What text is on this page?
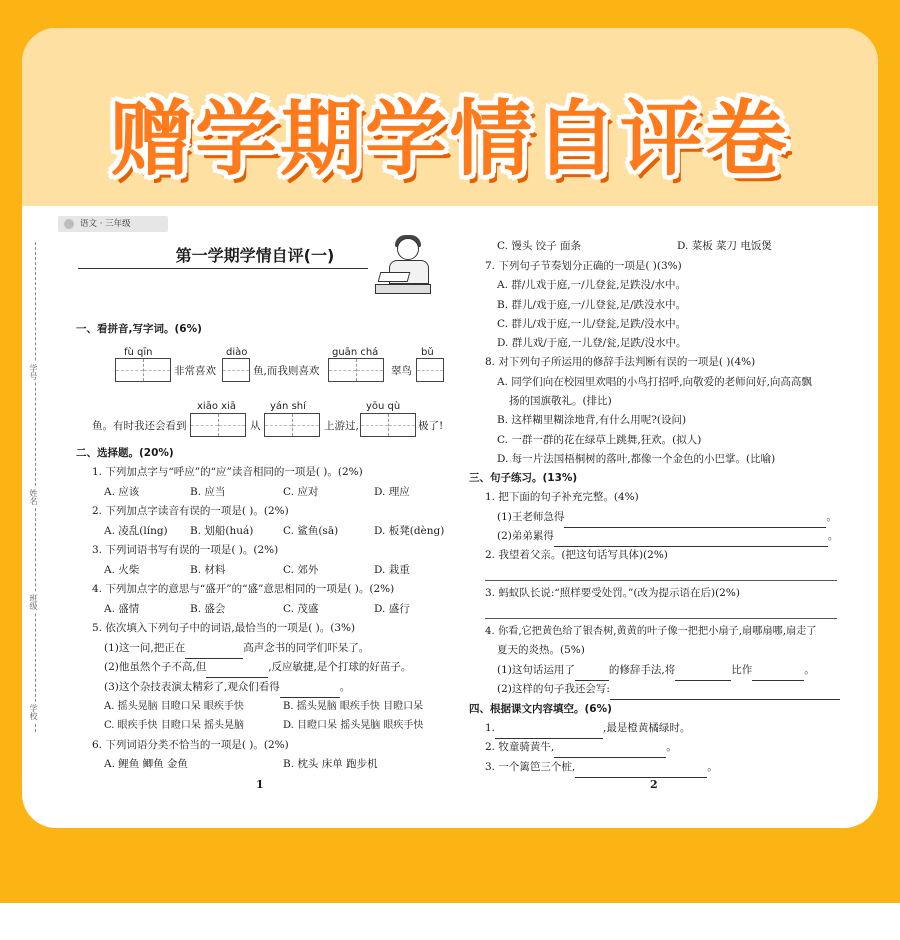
赠学期学情自评卷
学号
姓名
班级
学校
语文 · 三年级
第一学期学情自评(一)
一、看拼音,写字词。(6%)
fù qīn
非常喜欢
diào
鱼,而我则喜欢
guān chá
翠鸟
bǔ
鱼。有时我还会看到
xiāo xiā
从
yán shí
上游过,
yōu qù
极了!
二、选择题。(20%)
1. 下列加点字与“呼应”的“应”读音相同的一项是( )。(2%)
A. 应该	B. 应当	C. 应对	D. 理应
2. 下列加点字读音有误的一项是( )。(2%)
A. 凌乱(líng) B. 划船(huá)	C. 鲨鱼(sā)	D. 板凳(dèng)
3. 下列词语书写有误的一项是( )。(2%)
A. 火柴	B. 材料	C. 郊外	D. 栽重
4. 下列加点字的意思与“盛开”的“盛”意思相同的一项是( )。(2%)
A. 盛情	B. 盛会	C. 茂盛	D. 盛行
5. 依次填入下列句子中的词语,最恰当的一项是( )。(3%)
(1)这一问,把正在	高声念书的同学们吓呆了。
(2)他虽然个子不高,但	,反应敏捷,是个打球的好苗子。
(3)这个杂技表演太精彩了,观众们看得	。
A. 摇头晃脑 目瞪口呆 眼疾手快	B. 摇头晃脑 眼疾手快 目瞪口呆
C. 眼疾手快 目瞪口呆 摇头晃脑	D. 目瞪口呆 摇头晃脑 眼疾手快
6. 下列词语分类不恰当的一项是( )。(2%)
A. 鲤鱼 鲫鱼 金鱼	B. 枕头 床单 跑步机
1
C. 馒头 饺子 面条	D. 菜板 菜刀 电饭煲
7. 下列句子节奏划分正确的一项是( )(3%)
A. 群/儿戏于庭,一/儿登瓮,足跌没/水中。
B. 群儿/戏于庭,一/儿登瓮,足/跌没水中。
C. 群儿/戏于庭,一儿/登瓮,足跌/没水中。
D. 群儿戏/于庭,一儿登/瓮,足跌/没水中。
8. 对下列句子所运用的修辞手法判断有误的一项是( )(4%)
A. 同学们向在校园里欢唱的小鸟打招呼,向敬爱的老师问好,向高高飘
扬的国旗敬礼。(排比)
B. 这样糊里糊涂地背,有什么用呢?(设问)
C. 一群一群的花在绿草上跳舞,狂欢。(拟人)
D. 每一片法国梧桐树的落叶,都像一个金色的小巴掌。(比喻)
三、句子练习。(13%)
1. 把下面的句子补充完整。(4%)
(1)王老师急得	。
(2)弟弟累得	。
2. 我望着父亲。(把这句话写具体)(2%)
3. 蚂蚁队长说:“照样要受处罚。”(改为提示语在后)(2%)
4. 你看,它把黄色给了银杏树,黄黄的叶子像一把把小扇子,扇哪扇哪,扇走了
夏天的炎热。(5%)
(1)这句话运用了	的修辞手法,将	比作	。
(2)这样的句子我还会写:
四、根据课文内容填空。(6%)
1.	,最是橙黄橘绿时。
2. 牧童骑黄牛,	。
3. 一个篱笆三个桩,	。
2
